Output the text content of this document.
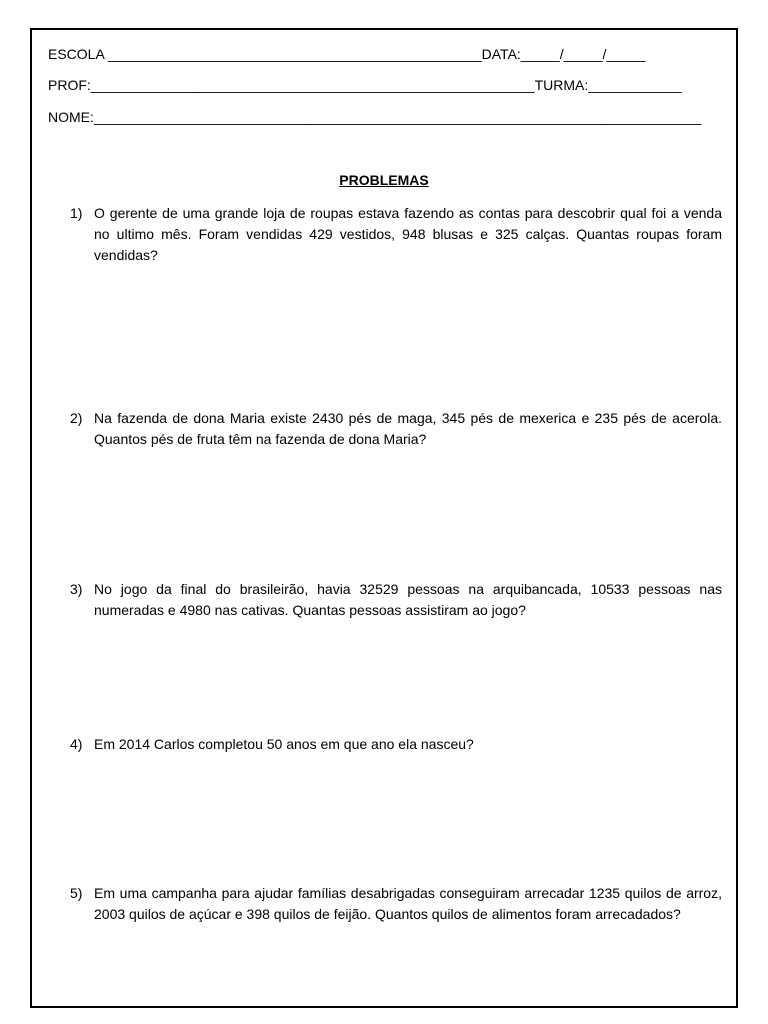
ESCOLA ________________________________________________DATA:_____/_____/_____
PROF:_________________________________________________________TURMA:____________
NOME:______________________________________________________________________________
PROBLEMAS
1) O gerente de uma grande loja de roupas estava fazendo as contas para descobrir qual foi a venda no ultimo mês. Foram vendidas 429 vestidos, 948 blusas e 325 calças. Quantas roupas foram vendidas?
2) Na fazenda de dona Maria existe 2430 pés de maga, 345 pés de mexerica e 235 pés de acerola. Quantos pés de fruta têm na fazenda de dona Maria?
3) No jogo da final do brasileirão, havia 32529 pessoas na arquibancada, 10533 pessoas nas numeradas e 4980 nas cativas. Quantas pessoas assistiram ao jogo?
4) Em 2014 Carlos completou 50 anos em que ano ela nasceu?
5) Em uma campanha para ajudar famílias desabrigadas conseguiram arrecadar 1235 quilos de arroz, 2003 quilos de açúcar e 398 quilos de feijão. Quantos quilos de alimentos foram arrecadados?
